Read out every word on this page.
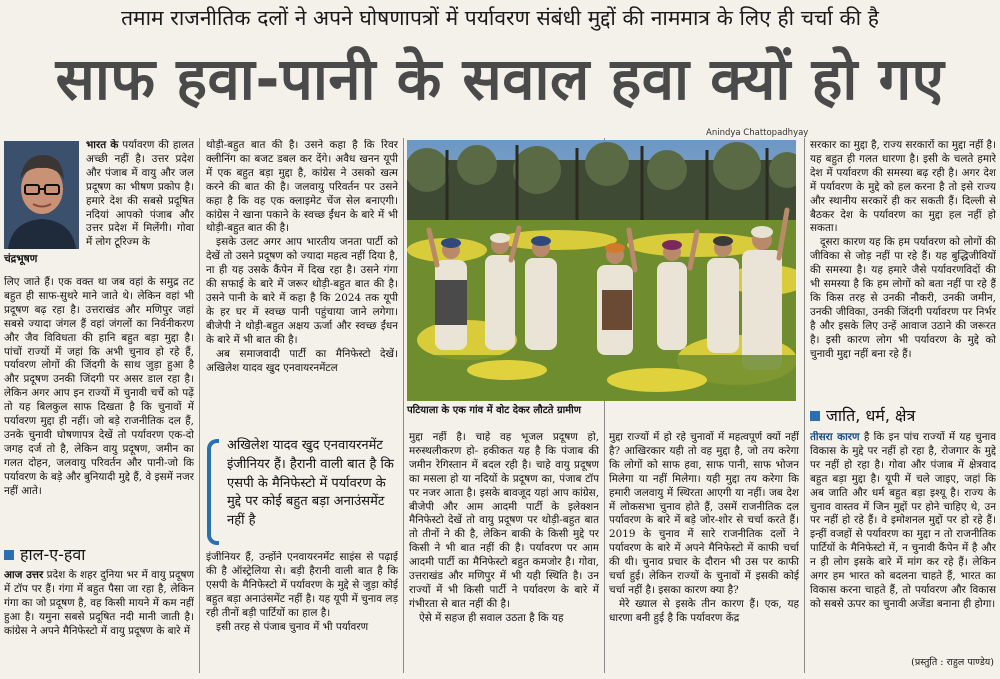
तमाम राजनीतिक दलों ने अपने घोषणापत्रों में पर्यावरण संबंधी मुद्दों की नाममात्र के लिए ही चर्चा की है
साफ हवा-पानी के सवाल हवा क्यों हो गए

भारत के पर्यावरण की हालत अच्छी नहीं है। उत्तर प्रदेश और पंजाब में वायु और जल प्रदूषण का भीषण प्रकोप है। हमारे देश की सबसे प्रदूषित नदियां आपको पंजाब और उत्तर प्रदेश में मिलेंगी। गोवा में लोग टूरिज्म के

चंद्रभूषण

लिए जाते हैं। एक वक्त था जब वहां के समुद्र तट बहुत ही साफ-सुथरे माने जाते थे। लेकिन वहां भी प्रदूषण बढ़ रहा है। उत्तराखंड और मणिपुर जहां सबसे ज्यादा जंगल हैं वहां जंगलों का निर्वनीकरण और जैव विविधता की हानि बहुत बड़ा मुद्दा है। पांचों राज्यों में जहां कि अभी चुनाव हो रहे हैं, पर्यावरण लोगों की जिंदगी के साथ जुड़ा हुआ है और प्रदूषण उनकी जिंदगी पर असर डाल रहा है। लेकिन अगर आप इन राज्यों में चुनावी चर्चे को पढ़ें तो यह बिलकुल साफ दिखता है कि चुनावों में पर्यावरण मुद्दा ही नहीं। जो बड़े राजनीतिक दल हैं, उनके चुनावी घोषणापत्र देखें तो पर्यावरण एक-दो जगह दर्ज तो है, लेकिन वायु प्रदूषण, जमीन का गलत दोहन, जलवायु परिवर्तन और पानी-जो कि पर्यावरण के बड़े और बुनियादी मुद्दे हैं, वे इसमें नजर नहीं आते।

हाल-ए-हवा

आज उत्तर प्रदेश के शहर दुनिया भर में वायु प्रदूषण में टॉप पर हैं। गंगा में बहुत पैसा जा रहा है, लेकिन गंगा का जो प्रदूषण है, वह किसी मायने में कम नहीं हुआ है। यमुना सबसे प्रदूषित नदी मानी जाती है। कांग्रेस ने अपने मैनिफेस्टो में वायु प्रदूषण के बारे में

थोड़ी-बहुत बात की है। उसने कहा है कि रिवर क्लीनिंग का बजट डबल कर देंगे। अवैध खनन यूपी में एक बहुत बड़ा मुद्दा है, कांग्रेस ने उसको खत्म करने की बात की है। जलवायु परिवर्तन पर उसने कहा है कि वह एक क्लाइमेट चेंज सेल बनाएगी। कांग्रेस ने खाना पकाने के स्वच्छ ईंधन के बारे में भी थोड़ी-बहुत बात की है।

इसके उलट अगर आप भारतीय जनता पार्टी को देखें तो उसने प्रदूषण को ज्यादा महत्व नहीं दिया है, ना ही यह उसके कैंपेन में दिख रहा है। उसने गंगा की सफाई के बारे में जरूर थोड़ी-बहुत बात की है। उसने पानी के बारे में कहा है कि 2024 तक यूपी के हर घर में स्वच्छ पानी पहुंचाया जाने लगेगा। बीजेपी ने थोड़ी-बहुत अक्षय ऊर्जा और स्वच्छ ईंधन के बारे में भी बात की है।

अब समाजवादी पार्टी का मैनिफेस्टो देखें। अखिलेश यादव खुद एनवायरनमेंटल

अखिलेश यादव खुद एनवायरनमेंट इंजीनियर हैं। हैरानी वाली बात है कि एसपी के मैनिफेस्टो में पर्यावरण के मुद्दे पर कोई बहुत बड़ा अनाउंसमेंट नहीं है

इंजीनियर हैं, उन्होंने एनवायरनमेंट साइंस से पढ़ाई की है ऑस्ट्रेलिया से। बड़ी हैरानी वाली बात है कि एसपी के मैनिफेस्टो में पर्यावरण के मुद्दे से जुड़ा कोई बहुत बड़ा अनाउंसमेंट नहीं है। यह यूपी में चुनाव लड़ रही तीनों बड़ी पार्टियों का हाल है।

इसी तरह से पंजाब चुनाव में भी पर्यावरण

Anindya Chattopadhyay
पटियाला के एक गांव में वोट देकर लौटते ग्रामीण

मुद्दा नहीं है। चाहे वह भूजल प्रदूषण हो, मरुस्थलीकरण हो- हकीकत यह है कि पंजाब की जमीन रेगिस्तान में बदल रही है। चाहे वायु प्रदूषण का मसला हो या नदियों के प्रदूषण का, पंजाब टॉप पर नजर आता है। इसके बावजूद यहां आप कांग्रेस, बीजेपी और आम आदमी पार्टी के इलेक्शन मैनिफेस्टो देखें तो वायु प्रदूषण पर थोड़ी-बहुत बात तो तीनों ने की है, लेकिन बाकी के किसी मुद्दे पर किसी ने भी बात नहीं की है। पर्यावरण पर आम आदमी पार्टी का मैनिफेस्टो बहुत कमजोर है। गोवा, उत्तराखंड और मणिपुर में भी यही स्थिति है। उन राज्यों में भी किसी पार्टी ने पर्यावरण के बारे में गंभीरता से बात नहीं की है।

ऐसे में सहज ही सवाल उठता है कि यह

मुद्दा राज्यों में हो रहे चुनावों में महत्वपूर्ण क्यों नहीं है? आखिरकार यही तो वह मुद्दा है, जो तय करेगा कि लोगों को साफ हवा, साफ पानी, साफ भोजन मिलेगा या नहीं मिलेगा। यही मुद्दा तय करेगा कि हमारी जलवायु में स्थिरता आएगी या नहीं। जब देश में लोकसभा चुनाव होते हैं, उसमें राजनीतिक दल पर्यावरण के बारे में बड़े जोर-शोर से चर्चा करते हैं। 2019 के चुनाव में सारे राजनीतिक दलों ने पर्यावरण के बारे में अपने मैनिफेस्टो में काफी चर्चा की थी। चुनाव प्रचार के दौरान भी उस पर काफी चर्चा हुई। लेकिन राज्यों के चुनावों में इसकी कोई चर्चा नहीं है। इसका कारण क्या है?

मेरे ख्याल से इसके तीन कारण हैं। एक, यह धारणा बनी हुई है कि पर्यावरण केंद्र

सरकार का मुद्दा है, राज्य सरकारों का मुद्दा नहीं है। यह बहुत ही गलत धारणा है। इसी के चलते हमारे देश में पर्यावरण की समस्या बढ़ रही है। अगर देश में पर्यावरण के मुद्दे को हल करना है तो इसे राज्य और स्थानीय सरकारें ही कर सकती हैं। दिल्ली से बैठकर देश के पर्यावरण का मुद्दा हल नहीं हो सकता।

दूसरा कारण यह कि हम पर्यावरण को लोगों की जीविका से जोड़ नहीं पा रहे हैं। यह बुद्धिजीवियों की समस्या है। यह हमारे जैसे पर्यावरणविदों की भी समस्या है कि हम लोगों को बता नहीं पा रहे हैं कि किस तरह से उनकी नौकरी, उनकी जमीन, उनकी जीविका, उनकी जिंदगी पर्यावरण पर निर्भर है और इसके लिए उन्हें आवाज उठाने की जरूरत है। इसी कारण लोग भी पर्यावरण के मुद्दे को चुनावी मुद्दा नहीं बना रहे हैं।

जाति, धर्म, क्षेत्र

तीसरा कारण है कि इन पांच राज्यों में यह चुनाव विकास के मुद्दे पर नहीं हो रहा है, रोजगार के मुद्दे पर नहीं हो रहा है। गोवा और पंजाब में क्षेत्रवाद बहुत बड़ा मुद्दा है। यूपी में चले जाइए, जहां कि अब जाति और धर्म बहुत बड़ा इश्यू है। राज्य के चुनाव वास्तव में जिन मुद्दों पर होने चाहिए थे, उन पर नहीं हो रहे हैं। वे इमोशनल मुद्दों पर हो रहे हैं। इन्हीं वजहों से पर्यावरण का मुद्दा न तो राजनीतिक पार्टियों के मैनिफेस्टो में, न चुनावी कैंपेन में है और न ही लोग इसके बारे में मांग कर रहे हैं। लेकिन अगर हम भारत को बदलना चाहते हैं, भारत का विकास करना चाहते हैं, तो पर्यावरण और विकास को सबसे ऊपर का चुनावी अजेंडा बनाना ही होगा।

(प्रस्तुति : राहुल पाण्डेय)
